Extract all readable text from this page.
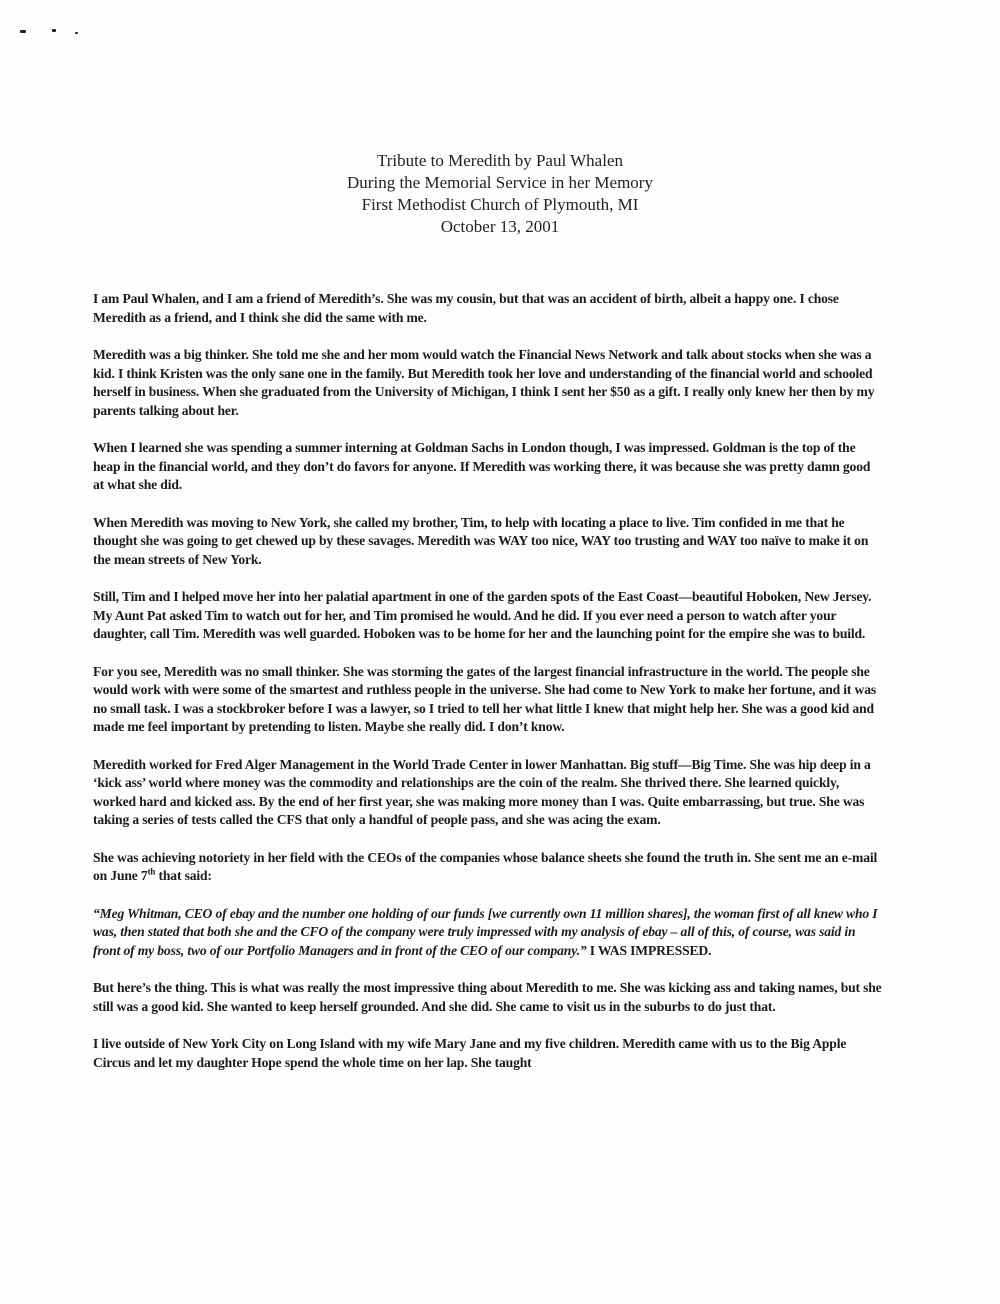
Tribute to Meredith by Paul Whalen
During the Memorial Service in her Memory
First Methodist Church of Plymouth, MI
October 13, 2001

I am Paul Whalen, and I am a friend of Meredith’s. She was my cousin, but that was an accident of birth, albeit a happy one. I chose Meredith as a friend, and I think she did the same with me.

Meredith was a big thinker. She told me she and her mom would watch the Financial News Network and talk about stocks when she was a kid. I think Kristen was the only sane one in the family. But Meredith took her love and understanding of the financial world and schooled herself in business. When she graduated from the University of Michigan, I think I sent her $50 as a gift. I really only knew her then by my parents talking about her.

When I learned she was spending a summer interning at Goldman Sachs in London though, I was impressed. Goldman is the top of the heap in the financial world, and they don’t do favors for anyone. If Meredith was working there, it was because she was pretty damn good at what she did.

When Meredith was moving to New York, she called my brother, Tim, to help with locating a place to live. Tim confided in me that he thought she was going to get chewed up by these savages. Meredith was WAY too nice, WAY too trusting and WAY too naïve to make it on the mean streets of New York.

Still, Tim and I helped move her into her palatial apartment in one of the garden spots of the East Coast—beautiful Hoboken, New Jersey. My Aunt Pat asked Tim to watch out for her, and Tim promised he would. And he did. If you ever need a person to watch after your daughter, call Tim. Meredith was well guarded. Hoboken was to be home for her and the launching point for the empire she was to build.

For you see, Meredith was no small thinker. She was storming the gates of the largest financial infrastructure in the world. The people she would work with were some of the smartest and ruthless people in the universe. She had come to New York to make her fortune, and it was no small task. I was a stockbroker before I was a lawyer, so I tried to tell her what little I knew that might help her. She was a good kid and made me feel important by pretending to listen. Maybe she really did. I don’t know.

Meredith worked for Fred Alger Management in the World Trade Center in lower Manhattan. Big stuff—Big Time. She was hip deep in a ‘kick ass’ world where money was the commodity and relationships are the coin of the realm. She thrived there. She learned quickly, worked hard and kicked ass. By the end of her first year, she was making more money than I was. Quite embarrassing, but true. She was taking a series of tests called the CFS that only a handful of people pass, and she was acing the exam.

She was achieving notoriety in her field with the CEOs of the companies whose balance sheets she found the truth in. She sent me an e-mail on June 7th that said:

“Meg Whitman, CEO of ebay and the number one holding of our funds [we currently own 11 million shares], the woman first of all knew who I was, then stated that both she and the CFO of the company were truly impressed with my analysis of ebay – all of this, of course, was said in front of my boss, two of our Portfolio Managers and in front of the CEO of our company.” I WAS IMPRESSED.

But here’s the thing. This is what was really the most impressive thing about Meredith to me. She was kicking ass and taking names, but she still was a good kid. She wanted to keep herself grounded. And she did. She came to visit us in the suburbs to do just that.

I live outside of New York City on Long Island with my wife Mary Jane and my five children. Meredith came with us to the Big Apple Circus and let my daughter Hope spend the whole time on her lap. She taught
